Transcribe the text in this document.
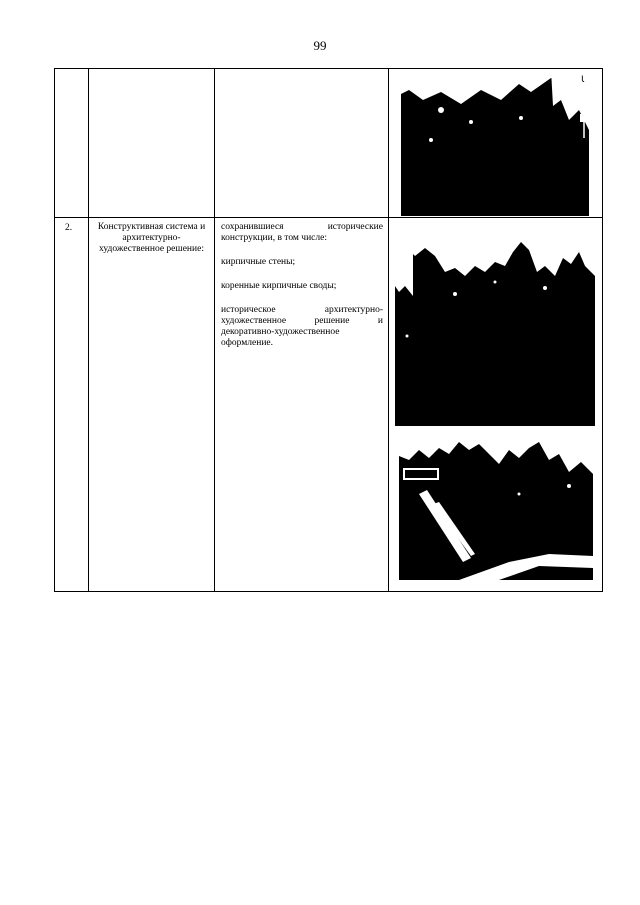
99

Ꙇ

2.	Конструктивная система и архитектурно-художественное решение:	сохранившиеся исторические конструкции, в том числе:

кирпичные стены;

коренные кирпичные своды;

историческое архитектурно-художественное решение и декоративно-художественное оформление.
